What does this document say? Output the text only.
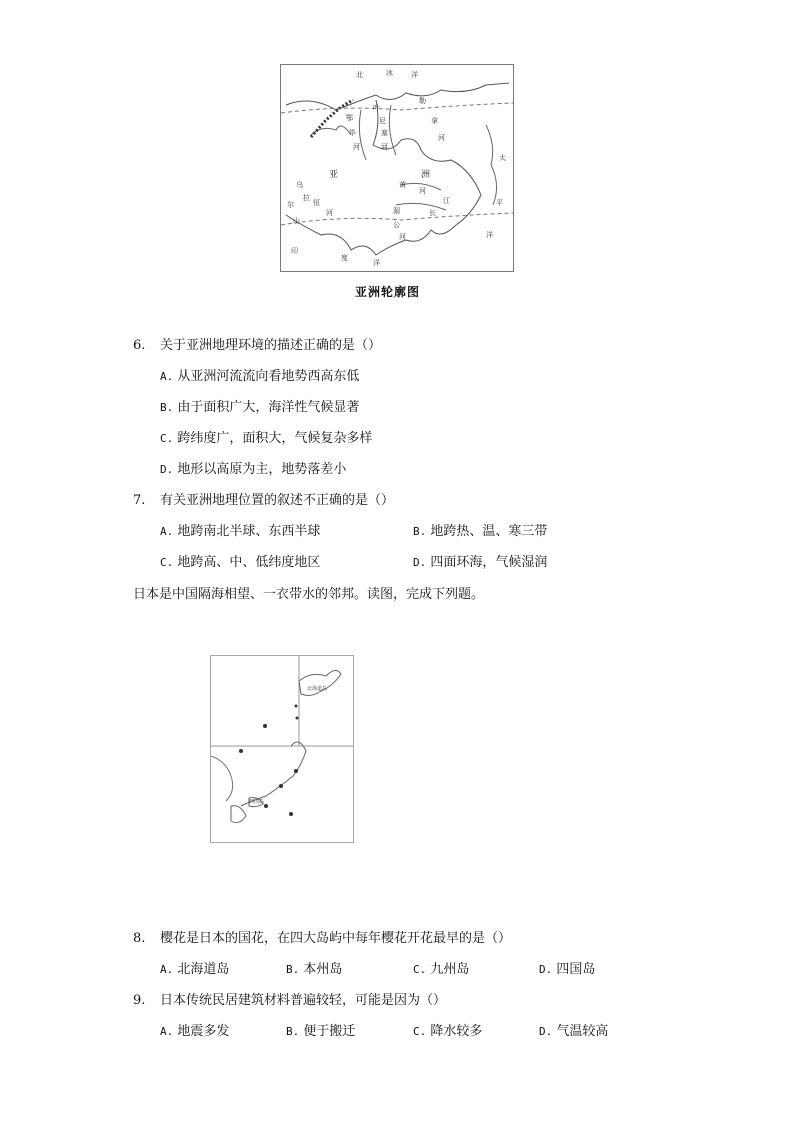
北	冰	洋
叶
尼
塞
河
勒
拿
河
鄂
毕
河
亚	洲
黄
河
长
江
湄
公
河
恒
河
印
度
洋
太
平
洋
乌
拉
尔
山
亚洲轮廓图
6. 关于亚洲地理环境的描述正确的是（）
A. 从亚洲河流流向看地势西高东低
B. 由于面积广大，海洋性气候显著
C. 跨纬度广，面积大，气候复杂多样
D. 地形以高原为主，地势落差小
7. 有关亚洲地理位置的叙述不正确的是（）
A. 地跨南北半球、东西半球	B. 地跨热、温、寒三带
C. 地跨高、中、低纬度地区	D. 四面环海，气候湿润
日本是中国隔海相望、一衣带水的邻邦。读图，完成下列题。
北海道岛
四国岛
8. 樱花是日本的国花，在四大岛屿中每年樱花开花最早的是（）
A. 北海道岛	B. 本州岛	C. 九州岛	D. 四国岛
9. 日本传统民居建筑材料普遍较轻，可能是因为（）
A. 地震多发	B. 便于搬迁	C. 降水较多	D. 气温较高
